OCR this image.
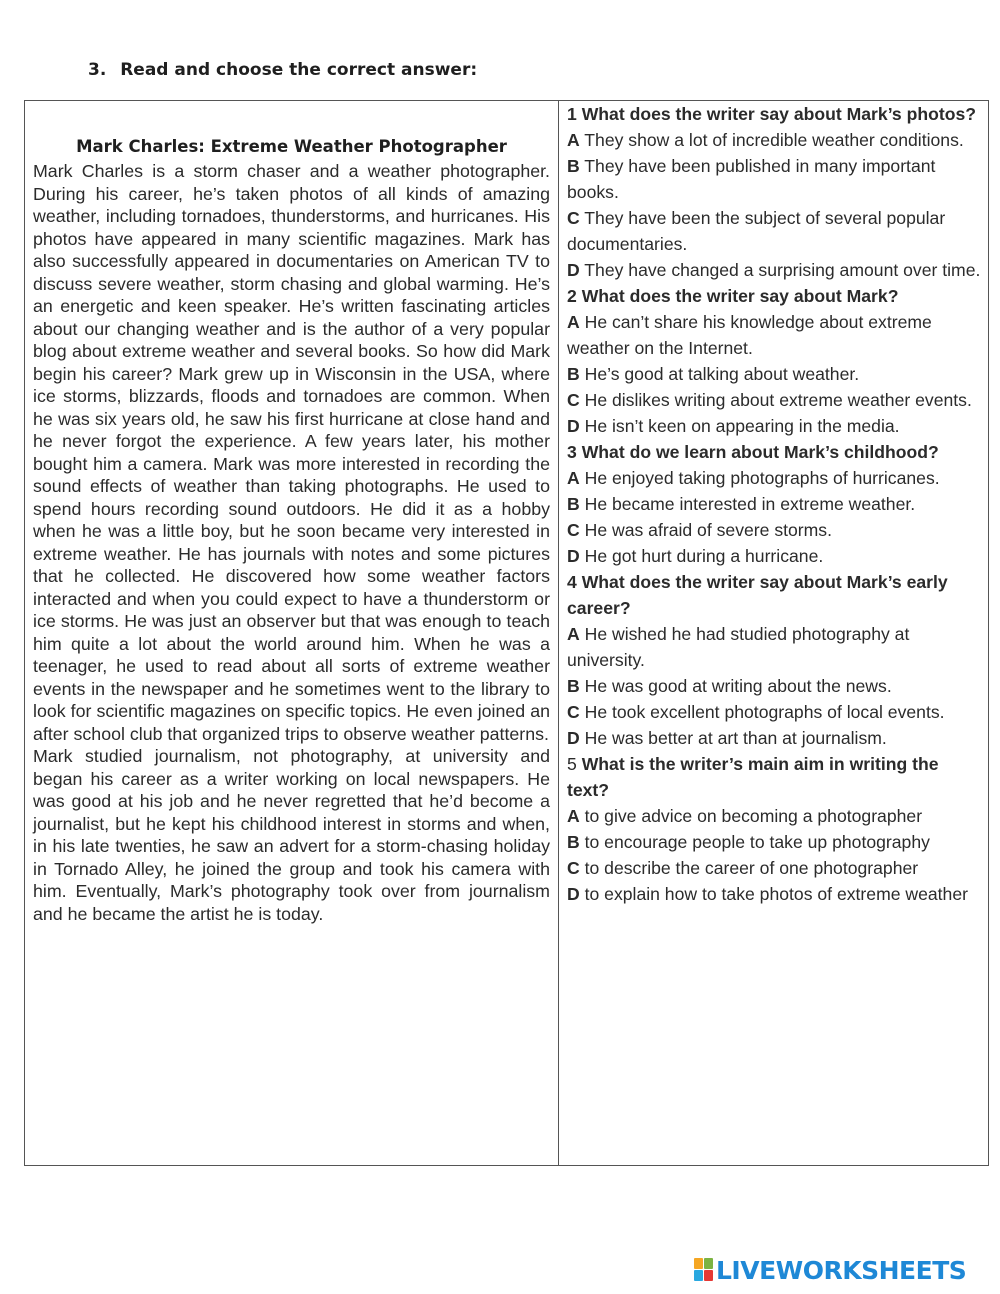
3. Read and choose the correct answer:
Mark Charles: Extreme Weather Photographer

Mark Charles is a storm chaser and a weather photographer. During his career, he’s taken photos of all kinds of amazing weather, including tornadoes, thunderstorms, and hurricanes. His photos have appeared in many scientific magazines. Mark has also successfully appeared in documentaries on American TV to discuss severe weather, storm chasing and global warming. He’s an energetic and keen speaker. He’s written fascinating articles about our changing weather and is the author of a very popular blog about extreme weather and several books. So how did Mark begin his career? Mark grew up in Wisconsin in the USA, where ice storms, blizzards, floods and tornadoes are common. When he was six years old, he saw his first hurricane at close hand and he never forgot the experience. A few years later, his mother bought him a camera. Mark was more interested in recording the sound effects of weather than taking photographs. He used to spend hours recording sound outdoors. He did it as a hobby when he was a little boy, but he soon became very interested in extreme weather. He has journals with notes and some pictures that he collected. He discovered how some weather factors interacted and when you could expect to have a thunderstorm or ice storms. He was just an observer but that was enough to teach him quite a lot about the world around him. When he was a teenager, he used to read about all sorts of extreme weather events in the newspaper and he sometimes went to the library to look for scientific magazines on specific topics. He even joined an after school club that organized trips to observe weather patterns.

Mark studied journalism, not photography, at university and began his career as a writer working on local newspapers. He was good at his job and he never regretted that he’d become a journalist, but he kept his childhood interest in storms and when, in his late twenties, he saw an advert for a storm-chasing holiday in Tornado Alley, he joined the group and took his camera with him. Eventually, Mark’s photography took over from journalism and he became the artist he is today.

1 What does the writer say about Mark’s photos?

A They show a lot of incredible weather conditions.

B They have been published in many important books.

C They have been the subject of several popular documentaries.

D They have changed a surprising amount over time.

2 What does the writer say about Mark?

A He can’t share his knowledge about extreme weather on the Internet.

B He’s good at talking about weather.

C He dislikes writing about extreme weather events.

D He isn’t keen on appearing in the media.

3 What do we learn about Mark’s childhood?

A He enjoyed taking photographs of hurricanes.

B He became interested in extreme weather.

C He was afraid of severe storms.

D He got hurt during a hurricane.

4 What does the writer say about Mark’s early

career?

A He wished he had studied photography at university.

B He was good at writing about the news.

C He took excellent photographs of local events.

D He was better at art than at journalism.

5 What is the writer’s main aim in writing the

text?

A to give advice on becoming a photographer

B to encourage people to take up photography

C to describe the career of one photographer

D to explain how to take photos of extreme weather

LIVEWORKSHEETS
